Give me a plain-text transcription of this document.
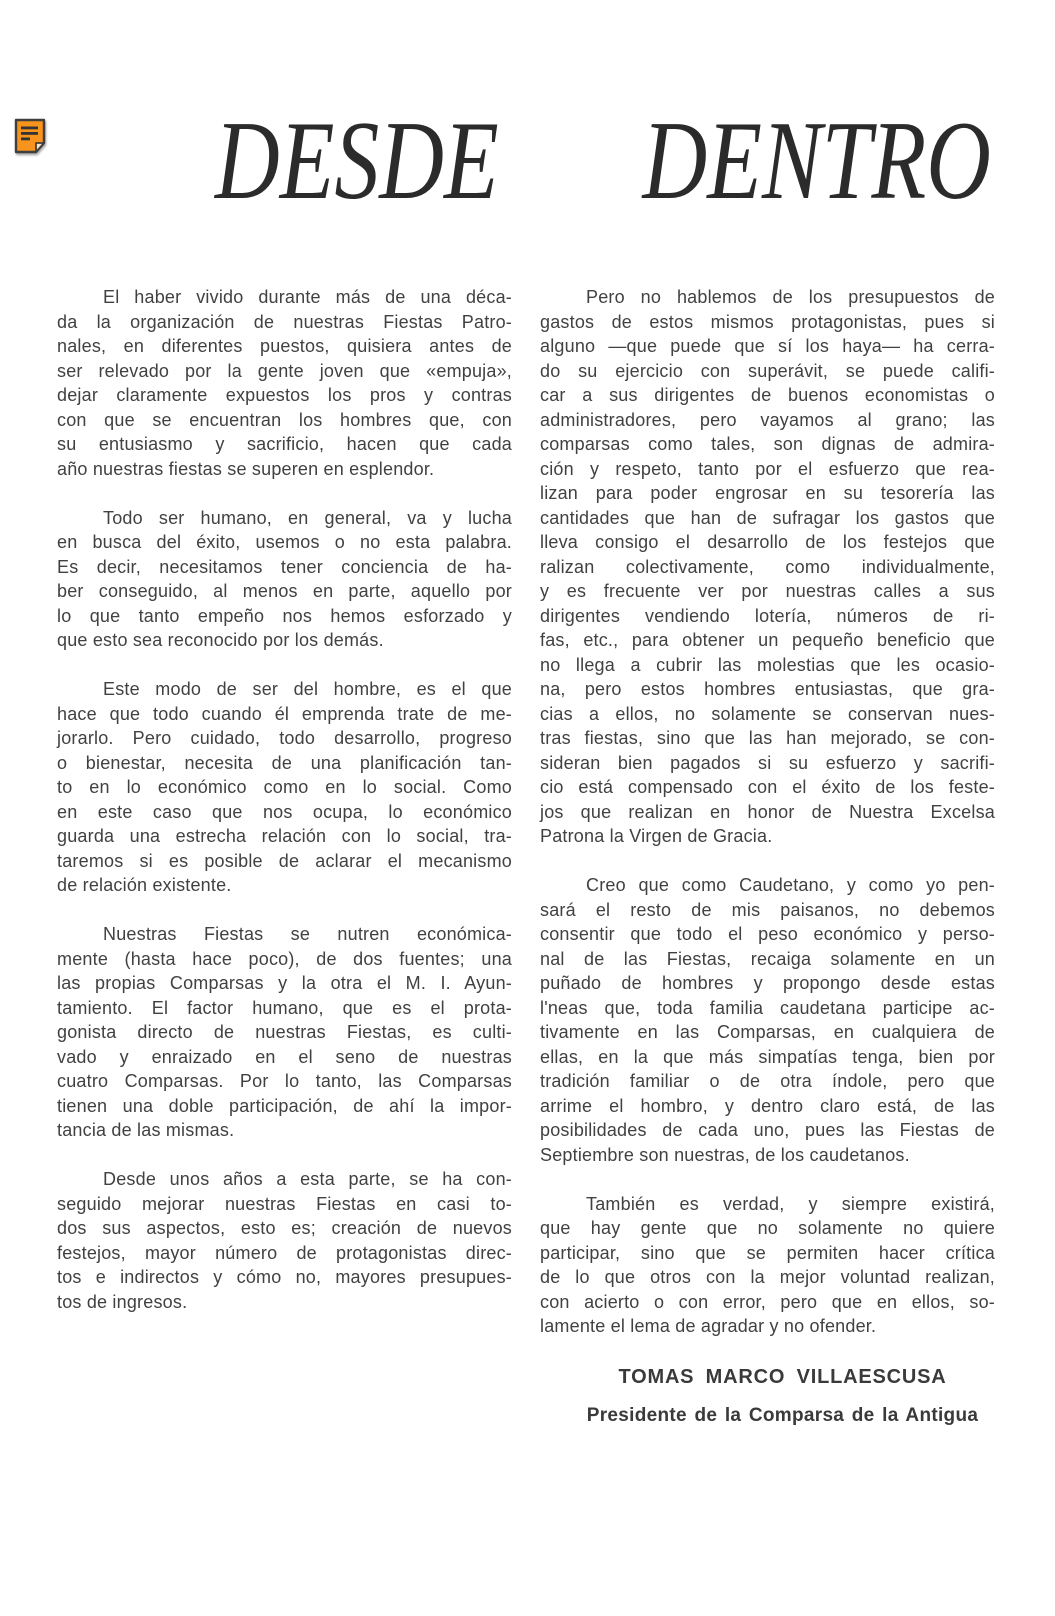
DESDE DENTRO
El haber vivido durante más de una déca-
da la organización de nuestras Fiestas Patro-
nales, en diferentes puestos, quisiera antes de
ser relevado por la gente joven que «empuja»,
dejar claramente expuestos los pros y contras
con que se encuentran los hombres que, con
su entusiasmo y sacrificio, hacen que cada
año nuestras fiestas se superen en esplendor.
Todo ser humano, en general, va y lucha
en busca del éxito, usemos o no esta palabra.
Es decir, necesitamos tener conciencia de ha-
ber conseguido, al menos en parte, aquello por
lo que tanto empeño nos hemos esforzado y
que esto sea reconocido por los demás.
Este modo de ser del hombre, es el que
hace que todo cuando él emprenda trate de me-
jorarlo. Pero cuidado, todo desarrollo, progreso
o bienestar, necesita de una planificación tan-
to en lo económico como en lo social. Como
en este caso que nos ocupa, lo económico
guarda una estrecha relación con lo social, tra-
taremos si es posible de aclarar el mecanismo
de relación existente.
Nuestras Fiestas se nutren económica-
mente (hasta hace poco), de dos fuentes; una
las propias Comparsas y la otra el M. I. Ayun-
tamiento. El factor humano, que es el prota-
gonista directo de nuestras Fiestas, es culti-
vado y enraizado en el seno de nuestras
cuatro Comparsas. Por lo tanto, las Comparsas
tienen una doble participación, de ahí la impor-
tancia de las mismas.
Desde unos años a esta parte, se ha con-
seguido mejorar nuestras Fiestas en casi to-
dos sus aspectos, esto es; creación de nuevos
festejos, mayor número de protagonistas direc-
tos e indirectos y cómo no, mayores presupues-
tos de ingresos.
Pero no hablemos de los presupuestos de
gastos de estos mismos protagonistas, pues si
alguno —que puede que sí los haya— ha cerra-
do su ejercicio con superávit, se puede califi-
car a sus dirigentes de buenos economistas o
administradores, pero vayamos al grano; las
comparsas como tales, son dignas de admira-
ción y respeto, tanto por el esfuerzo que rea-
lizan para poder engrosar en su tesorería las
cantidades que han de sufragar los gastos que
lleva consigo el desarrollo de los festejos que
ralizan colectivamente, como individualmente,
y es frecuente ver por nuestras calles a sus
dirigentes vendiendo lotería, números de ri-
fas, etc., para obtener un pequeño beneficio que
no llega a cubrir las molestias que les ocasio-
na, pero estos hombres entusiastas, que gra-
cias a ellos, no solamente se conservan nues-
tras fiestas, sino que las han mejorado, se con-
sideran bien pagados si su esfuerzo y sacrifi-
cio está compensado con el éxito de los feste-
jos que realizan en honor de Nuestra Excelsa
Patrona la Virgen de Gracia.
Creo que como Caudetano, y como yo pen-
sará el resto de mis paisanos, no debemos
consentir que todo el peso económico y perso-
nal de las Fiestas, recaiga solamente en un
puñado de hombres y propongo desde estas
l'neas que, toda familia caudetana participe ac-
tivamente en las Comparsas, en cualquiera de
ellas, en la que más simpatías tenga, bien por
tradición familiar o de otra índole, pero que
arrime el hombro, y dentro claro está, de las
posibilidades de cada uno, pues las Fiestas de
Septiembre son nuestras, de los caudetanos.
También es verdad, y siempre existirá,
que hay gente que no solamente no quiere
participar, sino que se permiten hacer crítica
de lo que otros con la mejor voluntad realizan,
con acierto o con error, pero que en ellos, so-
lamente el lema de agradar y no ofender.
TOMAS MARCO VILLAESCUSA
Presidente de la Comparsa de la Antigua
